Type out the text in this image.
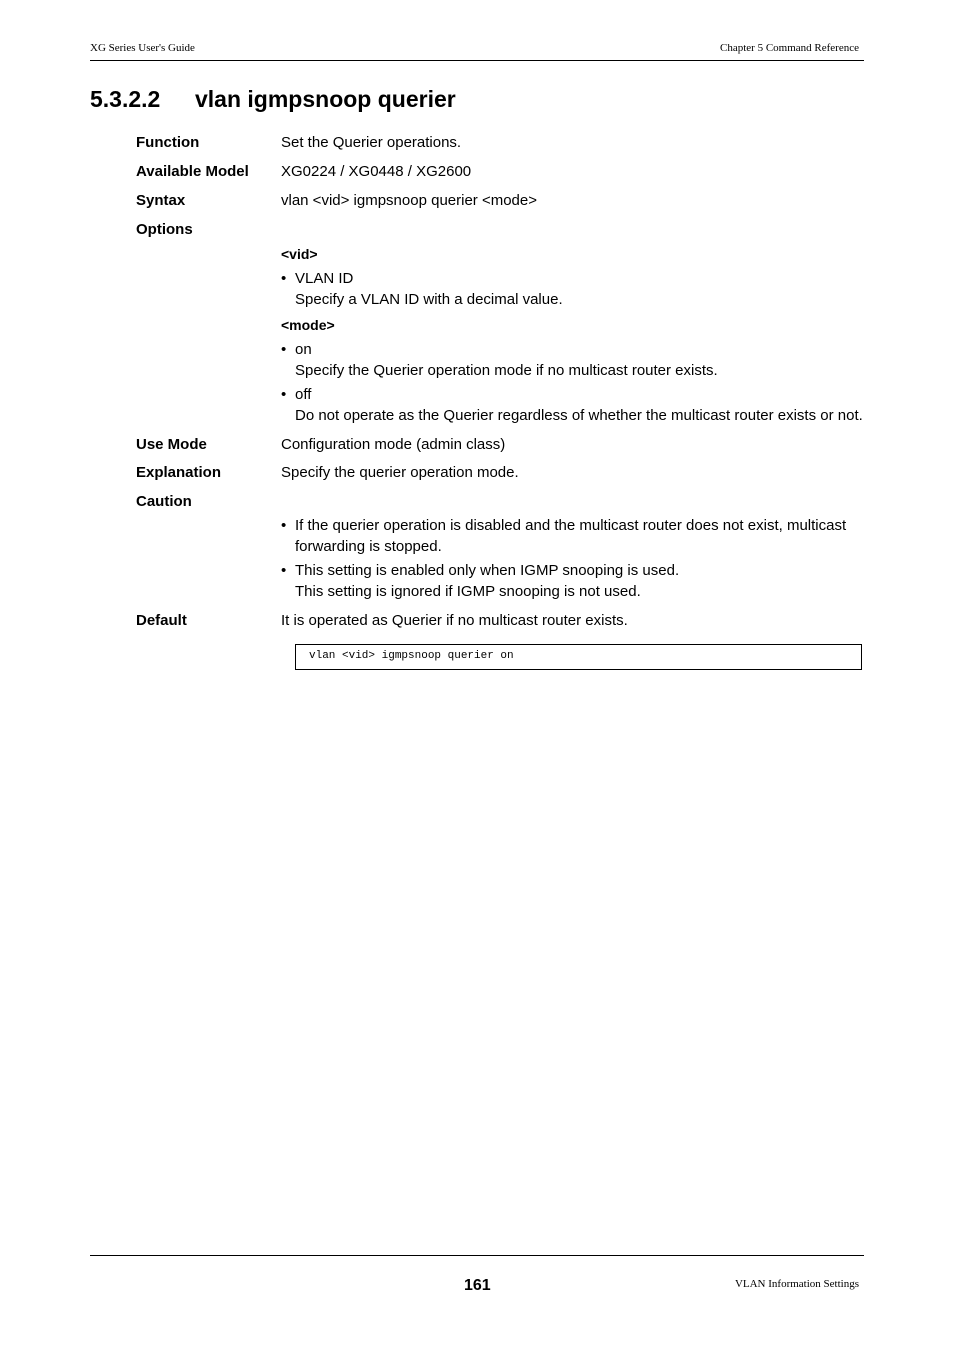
XG Series User's Guide	Chapter 5 Command Reference
5.3.2.2 vlan igmpsnoop querier
Function	Set the Querier operations.
Available Model XG0224 / XG0448 / XG2600
Syntax	vlan <vid> igmpsnoop querier <mode>
Options
<vid>
• VLAN ID
Specify a VLAN ID with a decimal value.
<mode>
• on
Specify the Querier operation mode if no multicast router exists.
• off
Do not operate as the Querier regardless of whether the multicast router exists or not.
Use Mode	Configuration mode (admin class)
Explanation	Specify the querier operation mode.
Caution
• If the querier operation is disabled and the multicast router does not exist, multicast
forwarding is stopped.
• This setting is enabled only when IGMP snooping is used.
This setting is ignored if IGMP snooping is not used.
Default	It is operated as Querier if no multicast router exists.
vlan <vid> igmpsnoop querier on
161	VLAN Information Settings
